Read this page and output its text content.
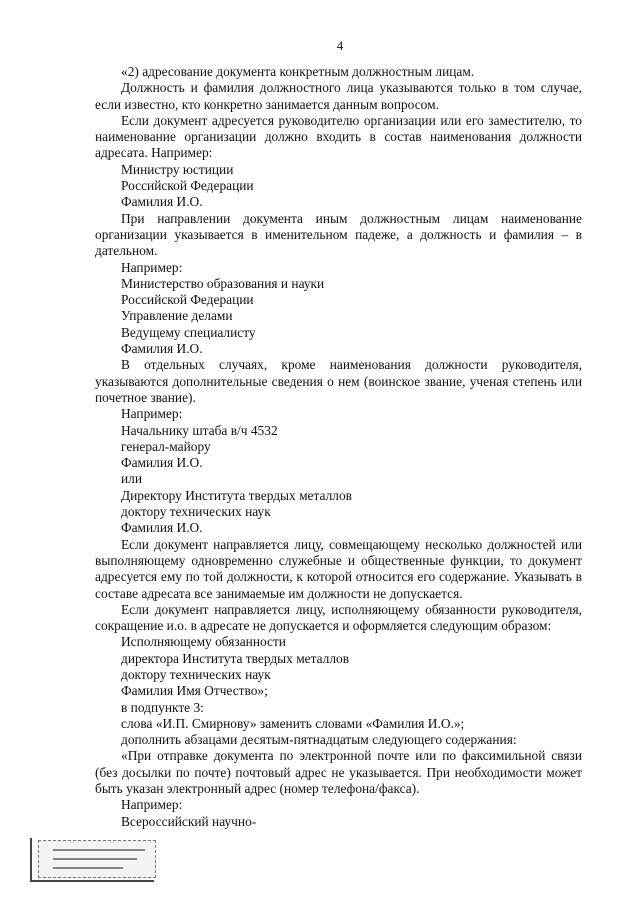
4
«2) адресование документа конкретным должностным лицам.
Должность и фамилия должностного лица указываются только в том случае, если известно, кто конкретно занимается данным вопросом.
Если документ адресуется руководителю организации или его заместителю, то наименование организации должно входить в состав наименования должности адресата. Например:
Министру юстиции
Российской Федерации
Фамилия И.О.
При направлении документа иным должностным лицам наименование организации указывается в именительном падеже, а должность и фамилия – в дательном.
Например:
Министерство образования и науки
Российской Федерации
Управление делами
Ведущему специалисту
Фамилия И.О.
В отдельных случаях, кроме наименования должности руководителя, указываются дополнительные сведения о нем (воинское звание, ученая степень или почетное звание).
Например:
Начальнику штаба в/ч 4532
генерал-майору
Фамилия И.О.
или
Директору Института твердых металлов
доктору технических наук
Фамилия И.О.
Если документ направляется лицу, совмещающему несколько должностей или выполняющему одновременно служебные и общественные функции, то документ адресуется ему по той должности, к которой относится его содержание. Указывать в составе адресата все занимаемые им должности не допускается.
Если документ направляется лицу, исполняющему обязанности руководителя, сокращение и.о. в адресате не допускается и оформляется следующим образом:
Исполняющему обязанности
директора Института твердых металлов
доктору технических наук
Фамилия Имя Отчество»;
в подпункте 3:
слова «И.П. Смирнову» заменить словами «Фамилия И.О.»;
дополнить абзацами десятым-пятнадцатым следующего содержания:
«При отправке документа по электронной почте или по факсимильной связи (без досылки по почте) почтовый адрес не указывается. При необходимости может быть указан электронный адрес (номер телефона/факса).
Например:
Всероссийский научно-
